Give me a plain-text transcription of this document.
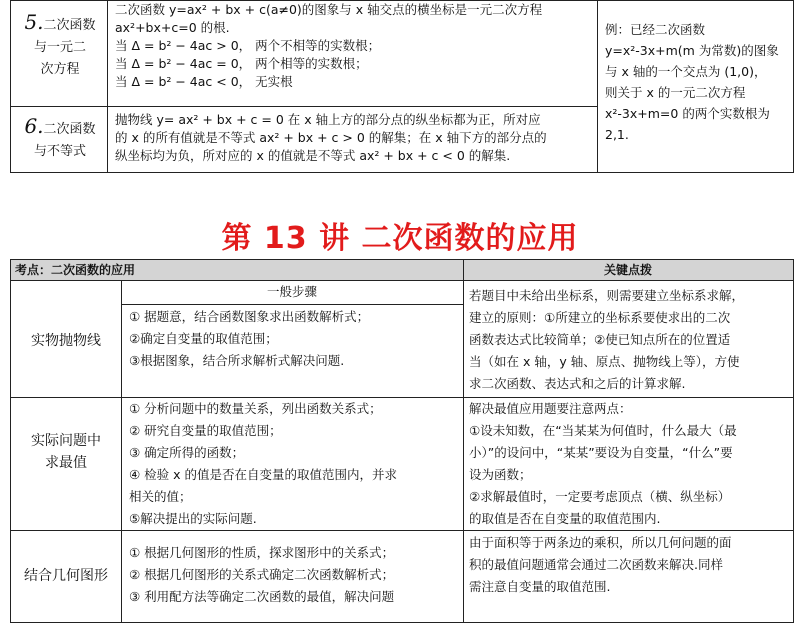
5.二次函数
与一元二
次方程
二次函数 y=ax² + bx + c(a≠0)的图象与 x 轴交点的横坐标是一元二次方程
ax²+bx+c=0 的根.
当 Δ = b² − 4ac > 0， 两个不相等的实数根；
当 Δ = b² − 4ac = 0， 两个相等的实数根；
当 Δ = b² − 4ac < 0， 无实根
6.二次函数
与不等式
抛物线 y= ax² + bx + c = 0 在 x 轴上方的部分点的纵坐标都为正，所对应
的 x 的所有值就是不等式 ax² + bx + c > 0 的解集；在 x 轴下方的部分点的
纵坐标均为负，所对应的 x 的值就是不等式 ax² + bx + c < 0 的解集.
例：已经二次函数
y=x²-3x+m(m 为常数)的图象
与 x 轴的一个交点为 (1,0)，
则关于 x 的一元二次方程
x²-3x+m=0 的两个实数根为
2,1.
第 13 讲 二次函数的应用
考点：二次函数的应用	关键点拨
一般步骤
实物抛物线
① 据题意，结合函数图象求出函数解析式；
②确定自变量的取值范围；
③根据图象，结合所求解析式解决问题.
若题目中未给出坐标系，则需要建立坐标系求解，
建立的原则：①所建立的坐标系要使求出的二次
函数表达式比较简单；②使已知点所在的位置适
当（如在 x 轴，y 轴、原点、抛物线上等），方使
求二次函数、表达式和之后的计算求解.
实际问题中
求最值
① 分析问题中的数量关系，列出函数关系式；
② 研究自变量的取值范围；
③ 确定所得的函数；
④ 检验 x 的值是否在自变量的取值范围内，并求
相关的值；
⑤解决提出的实际问题.
解决最值应用题要注意两点：
①设未知数，在“当某某为何值时，什么最大（最
小）”的设问中，“某某”要设为自变量，“什么”要
设为函数；
②求解最值时，一定要考虑顶点（横、纵坐标）
的取值是否在自变量的取值范围内.
结合几何图形
① 根据几何图形的性质，探求图形中的关系式；
② 根据几何图形的关系式确定二次函数解析式；
③ 利用配方法等确定二次函数的最值，解决问题
由于面积等于两条边的乘积，所以几何问题的面
积的最值问题通常会通过二次函数来解决.同样
需注意自变量的取值范围.
